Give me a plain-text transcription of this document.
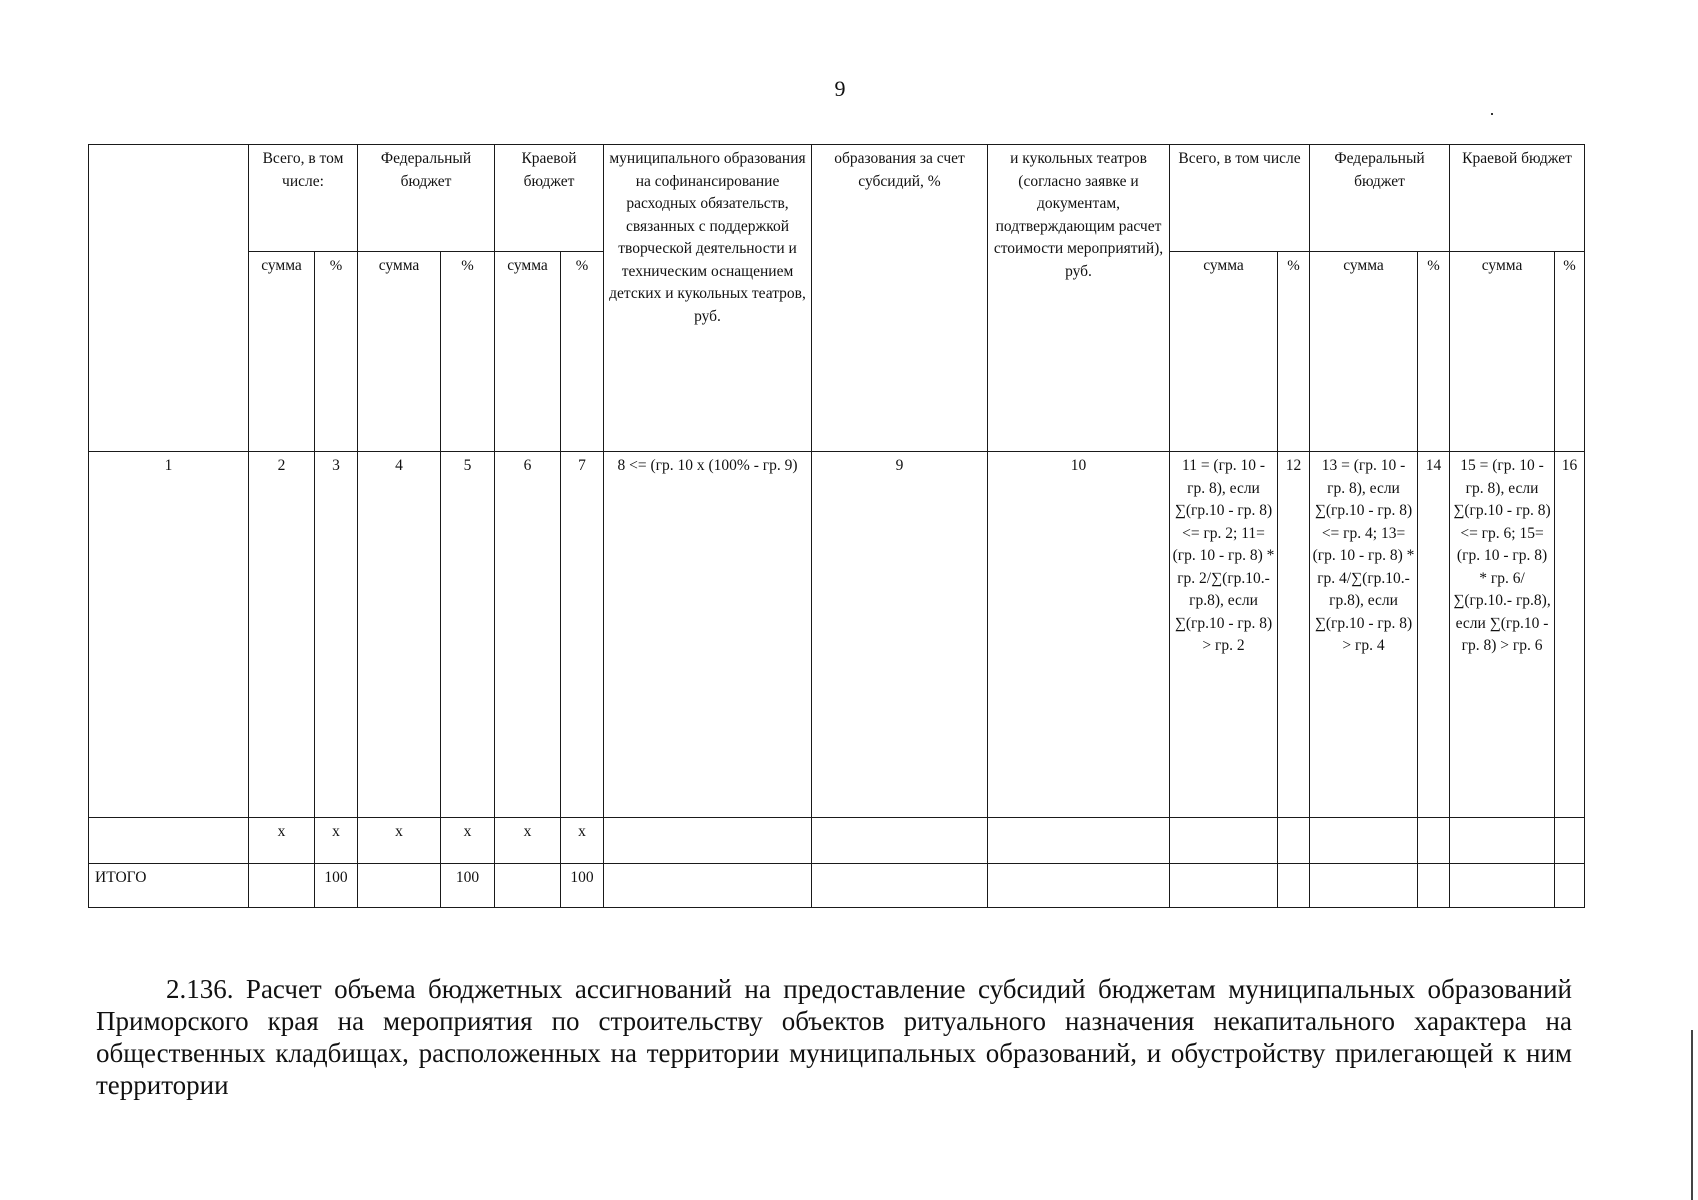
9
	Всего, в том числе:		Федеральный бюджет		Краевой бюджет		муниципального образования на софинансирование расходных обязательств, связанных с поддержкой творческой деятельности и техническим оснащением детских и кукольных театров, руб.	образования за счет субсидий, %	и кукольных театров (согласно заявке и документам, подтверждающим расчет стоимости мероприятий), руб.	Всего, в том числе		Федеральный бюджет		Краевой бюджет	
	сумма	%	сумма	%	сумма	%				сумма	%	сумма	%	сумма	%
1	2	3	4	5	6	7	8 <= (гр. 10 х (100% - гр. 9)	9	10	11 = (гр. 10 - гр. 8), если ∑(гр.10 - гр. 8) <= гр. 2; 11= (гр. 10 - гр. 8) * гр. 2/∑(гр.10.- гр.8), если ∑(гр.10 - гр. 8) > гр. 2	12	13 = (гр. 10 - гр. 8), если ∑(гр.10 - гр. 8) <= гр. 4; 13= (гр. 10 - гр. 8) * гр. 4/∑(гр.10.- гр.8), если ∑(гр.10 - гр. 8) > гр. 4	14	15 = (гр. 10 - гр. 8), если ∑(гр.10 - гр. 8) <= гр. 6; 15= (гр. 10 - гр. 8) * гр. 6/∑(гр.10.- гр.8), если ∑(гр.10 - гр. 8) > гр. 6	16
	х	х	х	х	х	х									
ИТОГО		100		100		100									

2.136. Расчет объема бюджетных ассигнований на предоставление субсидий бюджетам муниципальных образований Приморского края на мероприятия по строительству объектов ритуального назначения некапитального характера на общественных кладбищах, расположенных на территории муниципальных образований, и обустройству прилегающей к ним территории
